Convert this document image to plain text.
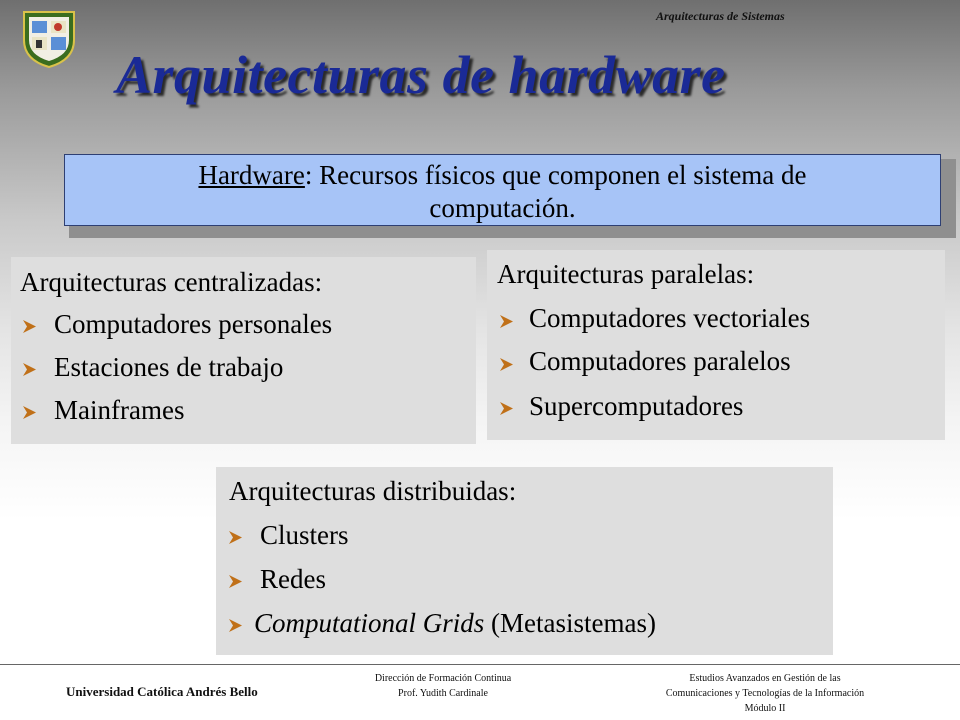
Arquitecturas de Sistemas
Arquitecturas de hardware
Hardware: Recursos físicos que componen el sistema de
computación.
Arquitecturas centralizadas:
Computadores personales
Estaciones de trabajo
Mainframes
Arquitecturas paralelas:
Computadores vectoriales
Computadores paralelos
Supercomputadores
Arquitecturas distribuidas:
Clusters
Redes
Computational Grids (Metasistemas)
Universidad Católica Andrés Bello
Dirección de Formación Continua
Prof. Yudith Cardinale
Estudios Avanzados en Gestión de las
Comunicaciones y Tecnologías de la Información
Módulo II
